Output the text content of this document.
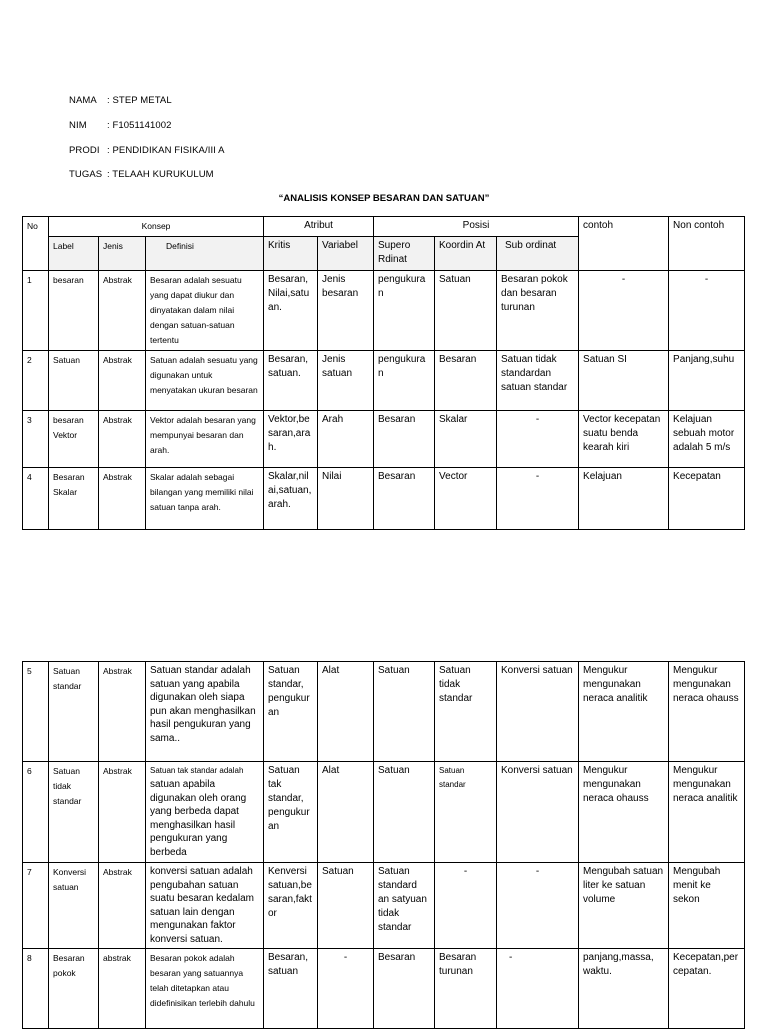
NAMA : STEP METAL
NIM : F1051141002
PRODI : PENDIDIKAN FISIKA/III A
TUGAS : TELAAH KURUKULUM
“ANALISIS KONSEP BESARAN DAN SATUAN”
No	Konsep			Atribut		Posisi			contoh	Non contoh
	Label	Jenis	Definisi	Kritis	Variabel	Supero Rdinat	Koordin At	Sub ordinat		
1	besaran	Abstrak	Besaran adalah sesuatu yang dapat diukur dan dinyatakan dalam nilai dengan satuan-satuan tertentu	Besaran, Nilai,satuan.	Jenis besaran	pengukuran	Satuan	Besaran pokok dan besaran turunan	-	-
2	Satuan	Abstrak	Satuan adalah sesuatu yang digunakan untuk menyatakan ukuran besaran	Besaran, satuan.	Jenis satuan	pengukuran	Besaran	Satuan tidak standardan satuan standar	Satuan SI	Panjang,suhu
3	besaran Vektor	Abstrak	Vektor adalah besaran yang mempunyai besaran dan arah.	Vektor,besaran,arah.	Arah	Besaran	Skalar	-	Vector kecepatan suatu benda kearah kiri	Kelajuan sebuah motor adalah 5 m/s
4	Besaran Skalar	Abstrak	Skalar adalah sebagai bilangan yang memiliki nilai satuan tanpa arah.	Skalar,nilai,satuan,arah.	Nilai	Besaran	Vector	-	Kelajuan	Kecepatan
5	Satuan standar	Abstrak	Satuan standar adalah satuan yang apabila digunakan oleh siapa pun akan menghasilkan hasil pengukuran yang sama..	Satuan standar, pengukuran	Alat	Satuan	Satuan tidak standar	Konversi satuan	Mengukur mengunakan neraca analitik	Mengukur mengunakan neraca ohauss
6	Satuan tidak standar	Abstrak	Satuan tak standar adalah satuan apabila digunakan oleh orang yang berbeda dapat menghasilkan hasil pengukuran yang berbeda	Satuan tak standar, pengukuran	Alat	Satuan	Satuan standar	Konversi satuan	Mengukur mengunakan neraca ohauss	Mengukur mengunakan neraca analitik
7	Konversi satuan	Abstrak	konversi satuan adalah pengubahan satuan suatu besaran kedalam satuan lain dengan mengunakan faktor konversi satuan.	Kenversi satuan,besaran,faktor	Satuan	Satuan standard an satyuan tidak standar	-	-	Mengubah satuan liter ke satuan volume	Mengubah menit ke sekon
8	Besaran pokok	abstrak	Besaran pokok adalah besaran yang satuannya telah ditetapkan atau didefinisikan terlebih dahulu	Besaran, satuan	-	Besaran	Besaran turunan	-	panjang,massa, waktu.	Kecepatan,percepatan.
